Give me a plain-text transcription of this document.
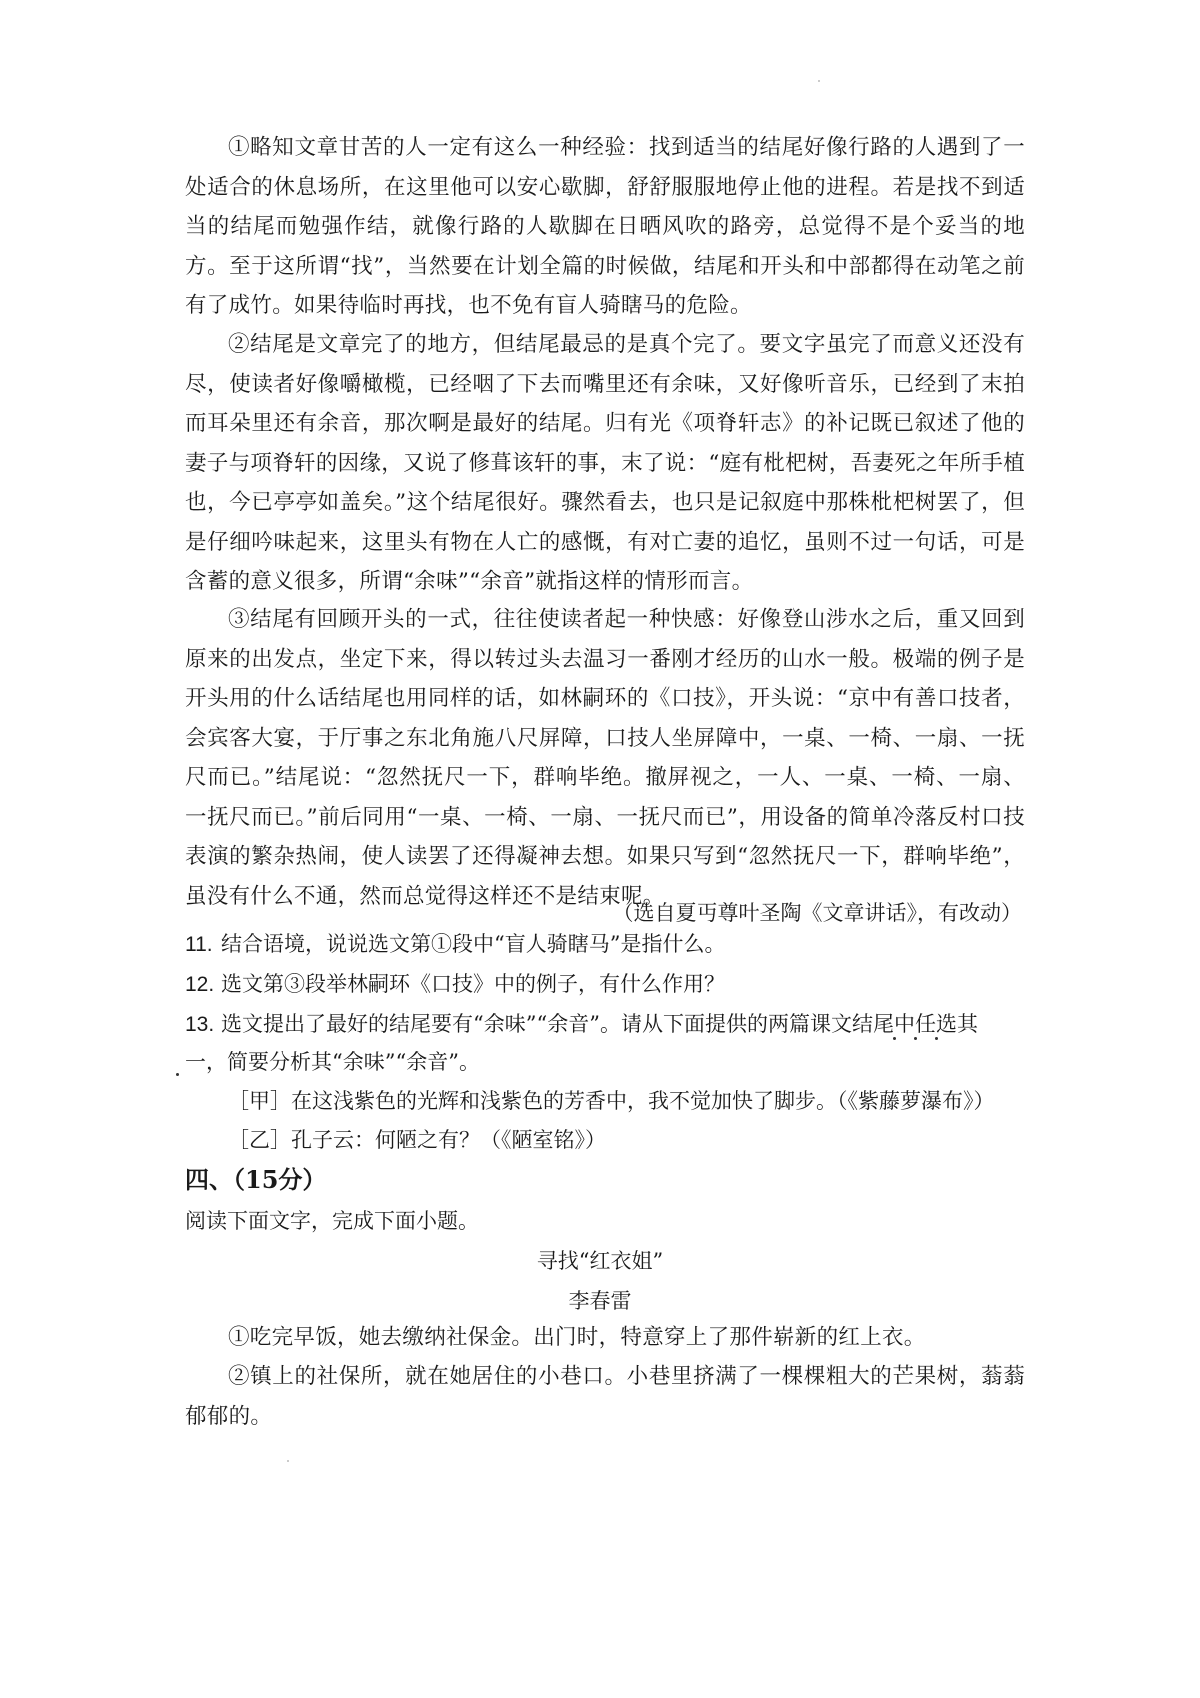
①略知文章甘苦的人一定有这么一种经验：找到适当的结尾好像行路的人遇到了一处适合的休息场所，在这里他可以安心歇脚，舒舒服服地停止他的进程。若是找不到适当的结尾而勉强作结，就像行路的人歇脚在日晒风吹的路旁，总觉得不是个妥当的地方。至于这所谓“找”，当然要在计划全篇的时候做，结尾和开头和中部都得在动笔之前有了成竹。如果待临时再找，也不免有盲人骑瞎马的危险。

②结尾是文章完了的地方，但结尾最忌的是真个完了。要文字虽完了而意义还没有尽，使读者好像嚼橄榄，已经咽了下去而嘴里还有余味，又好像听音乐，已经到了末拍而耳朵里还有余音，那次啊是最好的结尾。归有光《项脊轩志》的补记既已叙述了他的妻子与项脊轩的因缘，又说了修葺该轩的事，末了说：“庭有枇杷树，吾妻死之年所手植也，今已亭亭如盖矣。”这个结尾很好。骤然看去，也只是记叙庭中那株枇杷树罢了，但是仔细吟味起来，这里头有物在人亡的感慨，有对亡妻的追忆，虽则不过一句话，可是含蓄的意义很多，所谓“余味”“余音”就指这样的情形而言。

③结尾有回顾开头的一式，往往使读者起一种快感：好像登山涉水之后，重又回到原来的出发点，坐定下来，得以转过头去温习一番刚才经历的山水一般。极端的例子是开头用的什么话结尾也用同样的话，如林嗣环的《口技》，开头说：“京中有善口技者，会宾客大宴，于厅事之东北角施八尺屏障，口技人坐屏障中，一桌、一椅、一扇、一抚尺而已。”结尾说：“忽然抚尺一下，群响毕绝。撤屏视之，一人、一桌、一椅、一扇、一抚尺而已。”前后同用“一桌、一椅、一扇、一抚尺而已”，用设备的简单冷落反村口技表演的繁杂热闹，使人读罢了还得凝神去想。如果只写到“忽然抚尺一下，群响毕绝”，虽没有什么不通，然而总觉得这样还不是结束呢。

（选自夏丏尊叶圣陶《文章讲话》，有改动）

11. 结合语境，说说选文第①段中“盲人骑瞎马”是指什么。

12. 选文第③段举林嗣环《口技》中的例子，有什么作用？

13. 选文提出了最好的结尾要有“余味”“余音”。请从下面提供的两篇课文结尾中任选其

一，简要分析其“余味”“余音”。

［甲］在这浅紫色的光辉和浅紫色的芳香中，我不觉加快了脚步。（《紫藤萝瀑布》）

［乙］孔子云：何陋之有？（《陋室铭》）

四、（15分）

阅读下面文字，完成下面小题。

寻找“红衣姐”

李春雷

①吃完早饭，她去缴纳社保金。出门时，特意穿上了那件崭新的红上衣。

②镇上的社保所，就在她居住的小巷口。小巷里挤满了一棵棵粗大的芒果树，蓊蓊郁郁的。
